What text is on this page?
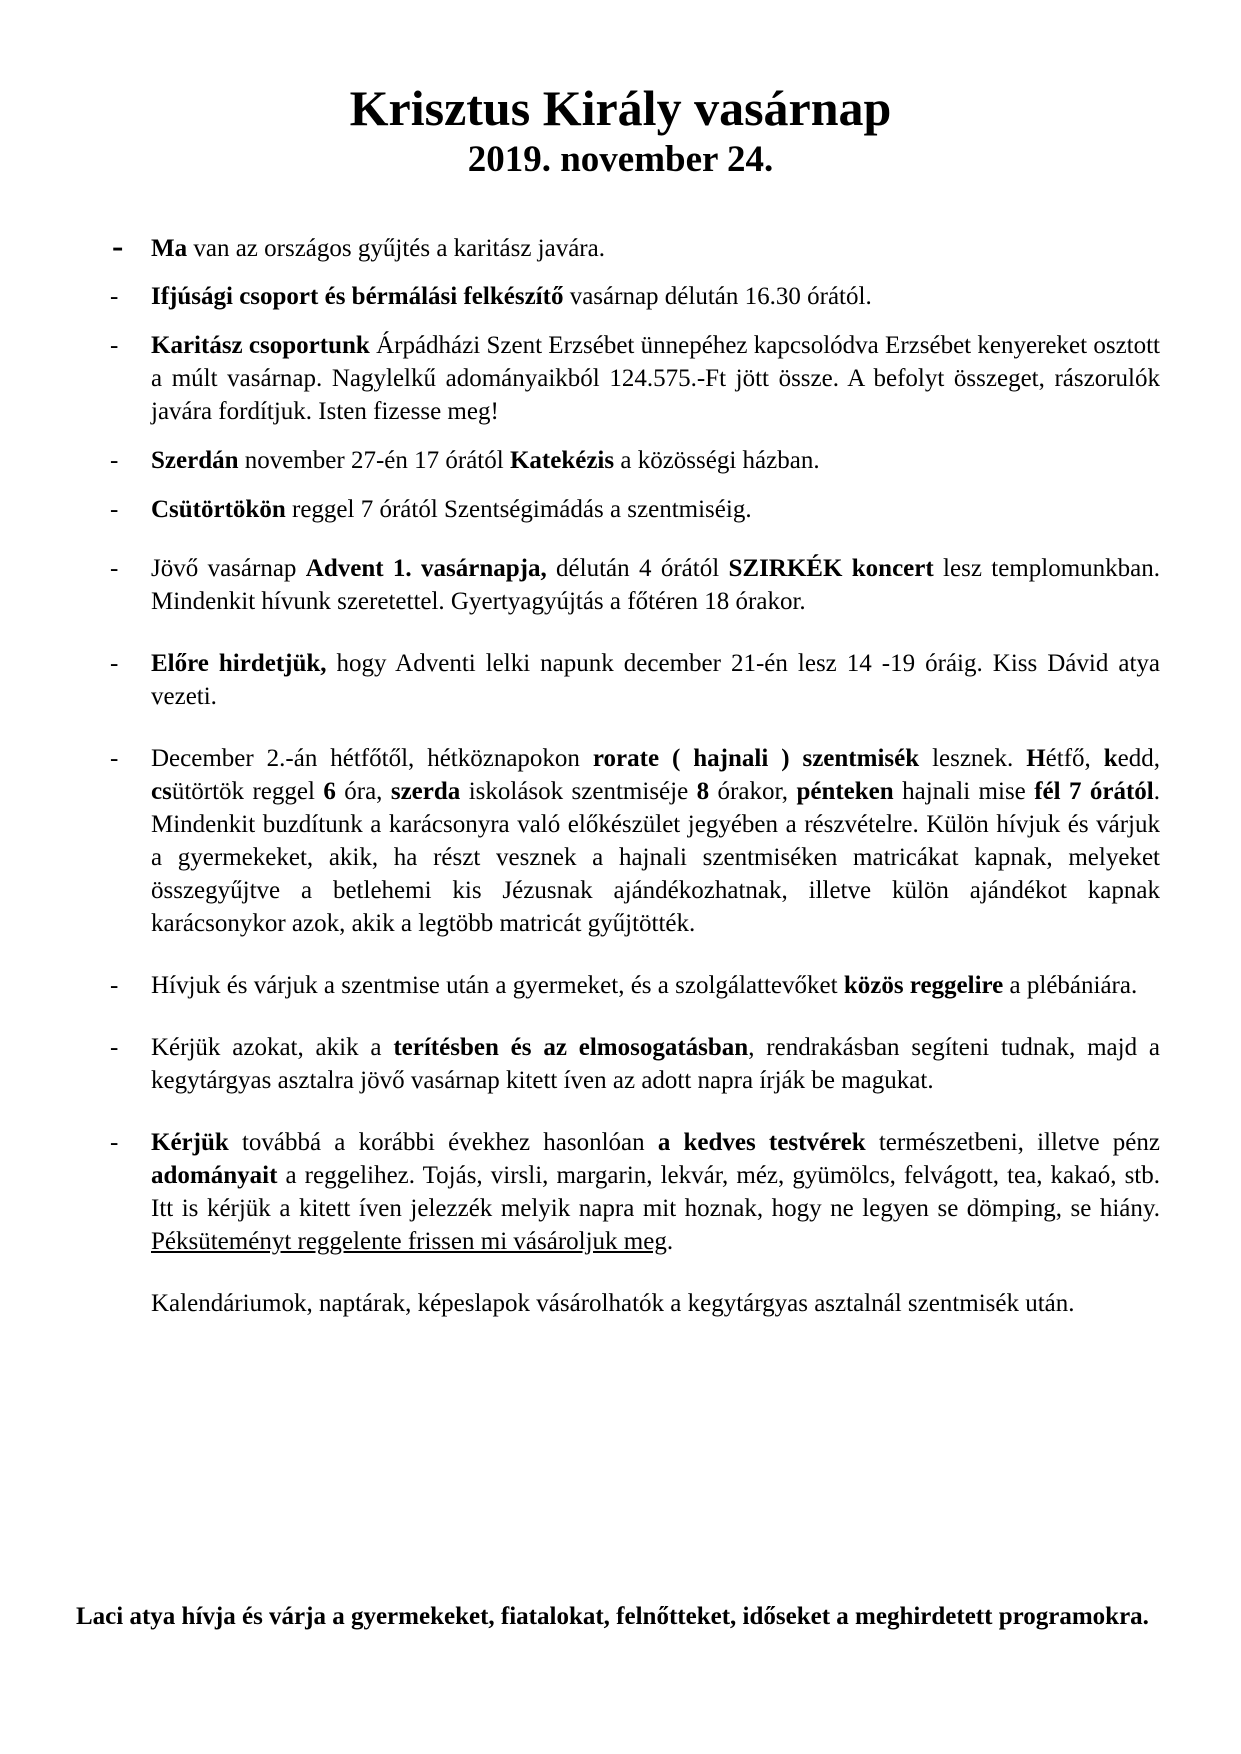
Krisztus Király vasárnap
2019. november 24.
- Ma van az országos gyűjtés a karitász javára.
- Ifjúsági csoport és bérmálási felkészítő vasárnap délután 16.30 órától.
- Karitász csoportunk Árpádházi Szent Erzsébet ünnepéhez kapcsolódva Erzsébet kenyereket osztott a múlt vasárnap. Nagylelkű adományaikból 124.575.-Ft jött össze. A befolyt összeget, rászorulók javára fordítjuk. Isten fizesse meg!
- Szerdán november 27-én 17 órától Katekézis a közösségi házban.
- Csütörtökön reggel 7 órától Szentségimádás a szentmiséig.
- Jövő vasárnap Advent 1. vasárnapja, délután 4 órától SZIRKÉK koncert lesz templomunkban. Mindenkit hívunk szeretettel. Gyertyagyújtás a főtéren 18 órakor.
- Előre hirdetjük, hogy Adventi lelki napunk december 21-én lesz 14 -19 óráig. Kiss Dávid atya vezeti.
- December 2.-án hétfőtől, hétköznapokon rorate ( hajnali ) szentmisék lesznek. Hétfő, kedd, csütörtök reggel 6 óra, szerda iskolások szentmiséje 8 órakor, pénteken hajnali mise fél 7 órától. Mindenkit buzdítunk a karácsonyra való előkészület jegyében a részvételre. Külön hívjuk és várjuk a gyermekeket, akik, ha részt vesznek a hajnali szentmiséken matricákat kapnak, melyeket összegyűjtve a betlehemi kis Jézusnak ajándékozhatnak, illetve külön ajándékot kapnak karácsonykor azok, akik a legtöbb matricát gyűjtötték.
- Hívjuk és várjuk a szentmise után a gyermeket, és a szolgálattevőket közös reggelire a plébániára.
- Kérjük azokat, akik a terítésben és az elmosogatásban, rendrakásban segíteni tudnak, majd a kegytárgyas asztalra jövő vasárnap kitett íven az adott napra írják be magukat.
- Kérjük továbbá a korábbi évekhez hasonlóan a kedves testvérek természetbeni, illetve pénz adományait a reggelihez. Tojás, virsli, margarin, lekvár, méz, gyümölcs, felvágott, tea, kakaó, stb. Itt is kérjük a kitett íven jelezzék melyik napra mit hoznak, hogy ne legyen se dömping, se hiány. Péksüteményt reggelente frissen mi vásároljuk meg.
Kalendáriumok, naptárak, képeslapok vásárolhatók a kegytárgyas asztalnál szentmisék után.
Laci atya hívja és várja a gyermekeket, fiatalokat, felnőtteket, időseket a meghirdetett programokra.
